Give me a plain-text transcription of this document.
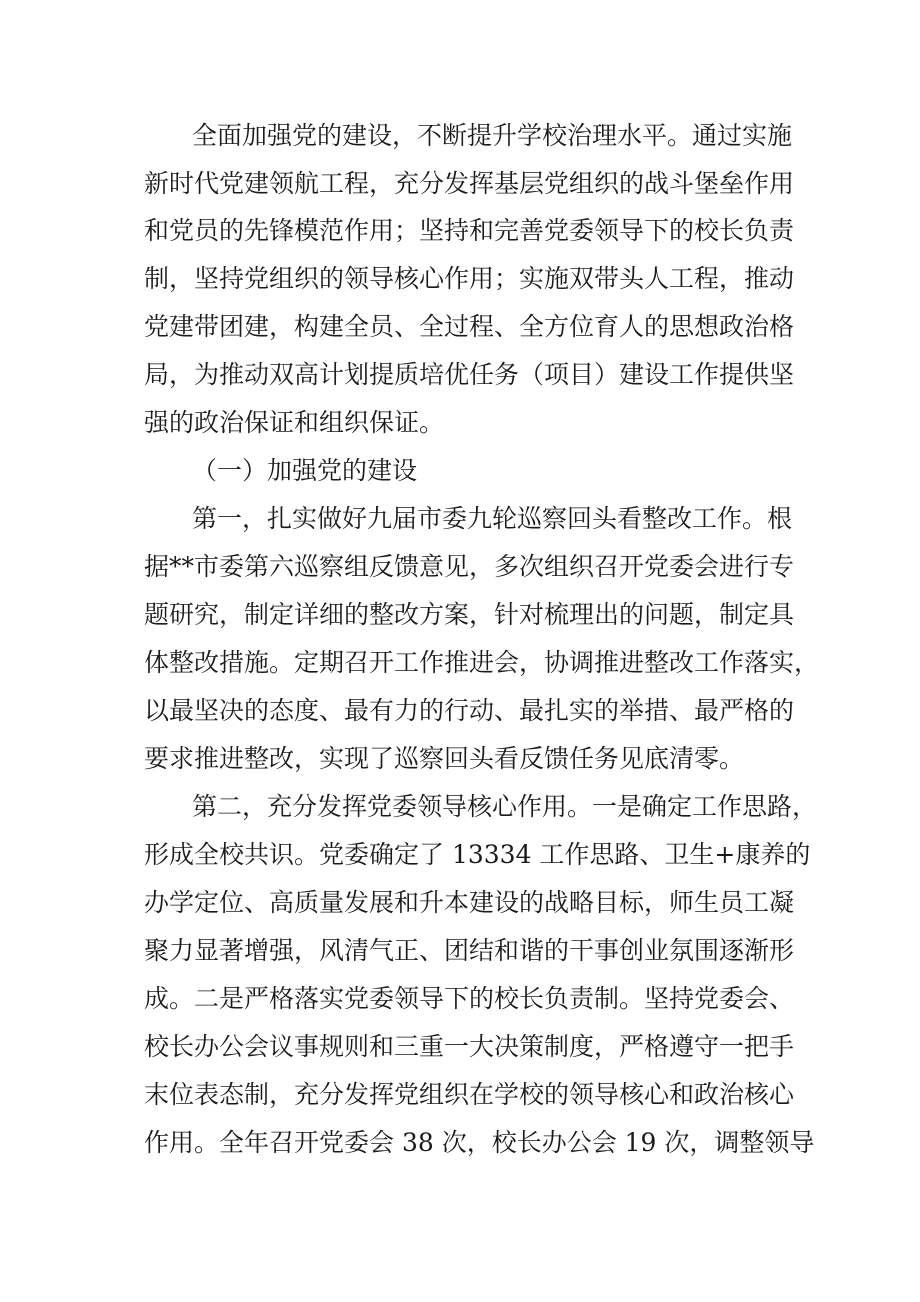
全面加强党的建设，不断提升学校治理水平。通过实施
新时代党建领航工程，充分发挥基层党组织的战斗堡垒作用
和党员的先锋模范作用；坚持和完善党委领导下的校长负责
制，坚持党组织的领导核心作用；实施双带头人工程，推动
党建带团建，构建全员、全过程、全方位育人的思想政治格
局，为推动双高计划提质培优任务（项目）建设工作提供坚
强的政治保证和组织保证。
（一）加强党的建设
第一，扎实做好九届市委九轮巡察回头看整改工作。根
据**市委第六巡察组反馈意见，多次组织召开党委会进行专
题研究，制定详细的整改方案，针对梳理出的问题，制定具
体整改措施。定期召开工作推进会，协调推进整改工作落实，
以最坚决的态度、最有力的行动、最扎实的举措、最严格的
要求推进整改，实现了巡察回头看反馈任务见底清零。
第二，充分发挥党委领导核心作用。一是确定工作思路，
形成全校共识。党委确定了 13334 工作思路、卫生+康养的
办学定位、高质量发展和升本建设的战略目标，师生员工凝
聚力显著增强，风清气正、团结和谐的干事创业氛围逐渐形
成。二是严格落实党委领导下的校长负责制。坚持党委会、
校长办公会议事规则和三重一大决策制度，严格遵守一把手
末位表态制，充分发挥党组织在学校的领导核心和政治核心
作用。全年召开党委会 38 次，校长办公会 19 次，调整领导
